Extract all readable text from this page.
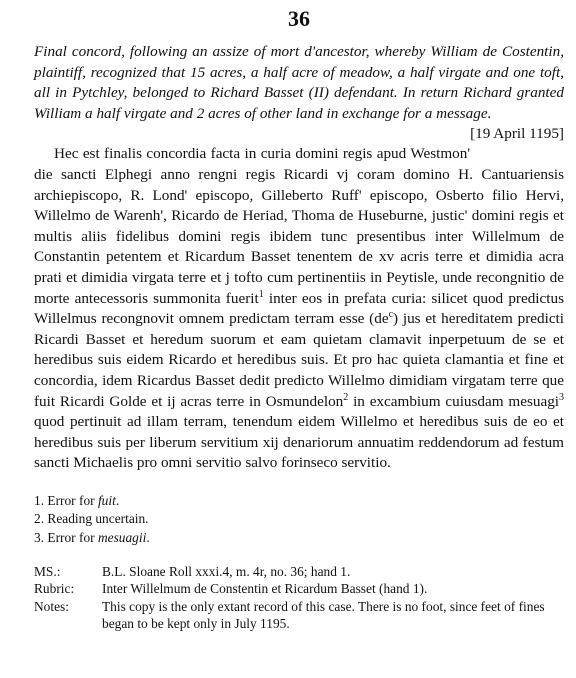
36

Final concord, following an assize of mort d'ancestor, whereby William de Costentin, plaintiff, recognized that 15 acres, a half acre of meadow, a half virgate and one toft, all in Pytchley, belonged to Richard Basset (II) defendant. In return Richard granted William a half virgate and 2 acres of other land in exchange for a message.
[19 April 1195]

Hec est finalis concordia facta in curia domini regis apud Westmon' die sancti Elphegi anno rengni regis Ricardi vj coram domino H. Cantuariensis archiepiscopo, R. Lond' episcopo, Gilleberto Ruff' episcopo, Osberto filio Hervi, Willelmo de Warenh', Ricardo de Heriad, Thoma de Huseburne, justic' domini regis et multis aliis fidelibus domini regis ibidem tunc presentibus inter Willelmum de Constantin petentem et Ricardum Basset tenentem de xv acris terre et dimidia acra prati et dimidia virgata terre et j tofto cum pertinentiis in Peytisle, unde recongnitio de morte antecessoris summonita fuerit$^1$ inter eos in prefata curia: silicet quod predictus Willelmus recongnovit omnem predictam terram esse $(de^c)$ jus et hereditatem predicti Ricardi Basset et heredum suorum et eam quietam clamavit inperpetuum de se et heredibus suis eidem Ricardo et heredibus suis. Et pro hac quieta clamantia et fine et concordia, idem Ricardus Basset dedit predicto Willelmo dimidiam virgatam terre que fuit Ricardi Golde et ij acras terre in Osmundelon$^2$ in excambium cuiusdam mesuagi$^3$ quod pertinuit ad illam terram, tenendum eidem Willelmo et heredibus suis de eo et heredibus suis per liberum servitium xij denariorum annuatim reddendorum ad festum sancti Michaelis pro omni servitio salvo forinseco servitio.

1. Error for fuit.
2. Reading uncertain.
3. Error for mesuagii.
MS.:	B.L. Sloane Roll xxxi.4, m. 4r, no. 36; hand 1.
Rubric:	Inter Willelmum de Constentin et Ricardum Basset (hand 1).
Notes:	This copy is the only extant record of this case. There is no foot, since feet of fines began to be kept only in July 1195.
